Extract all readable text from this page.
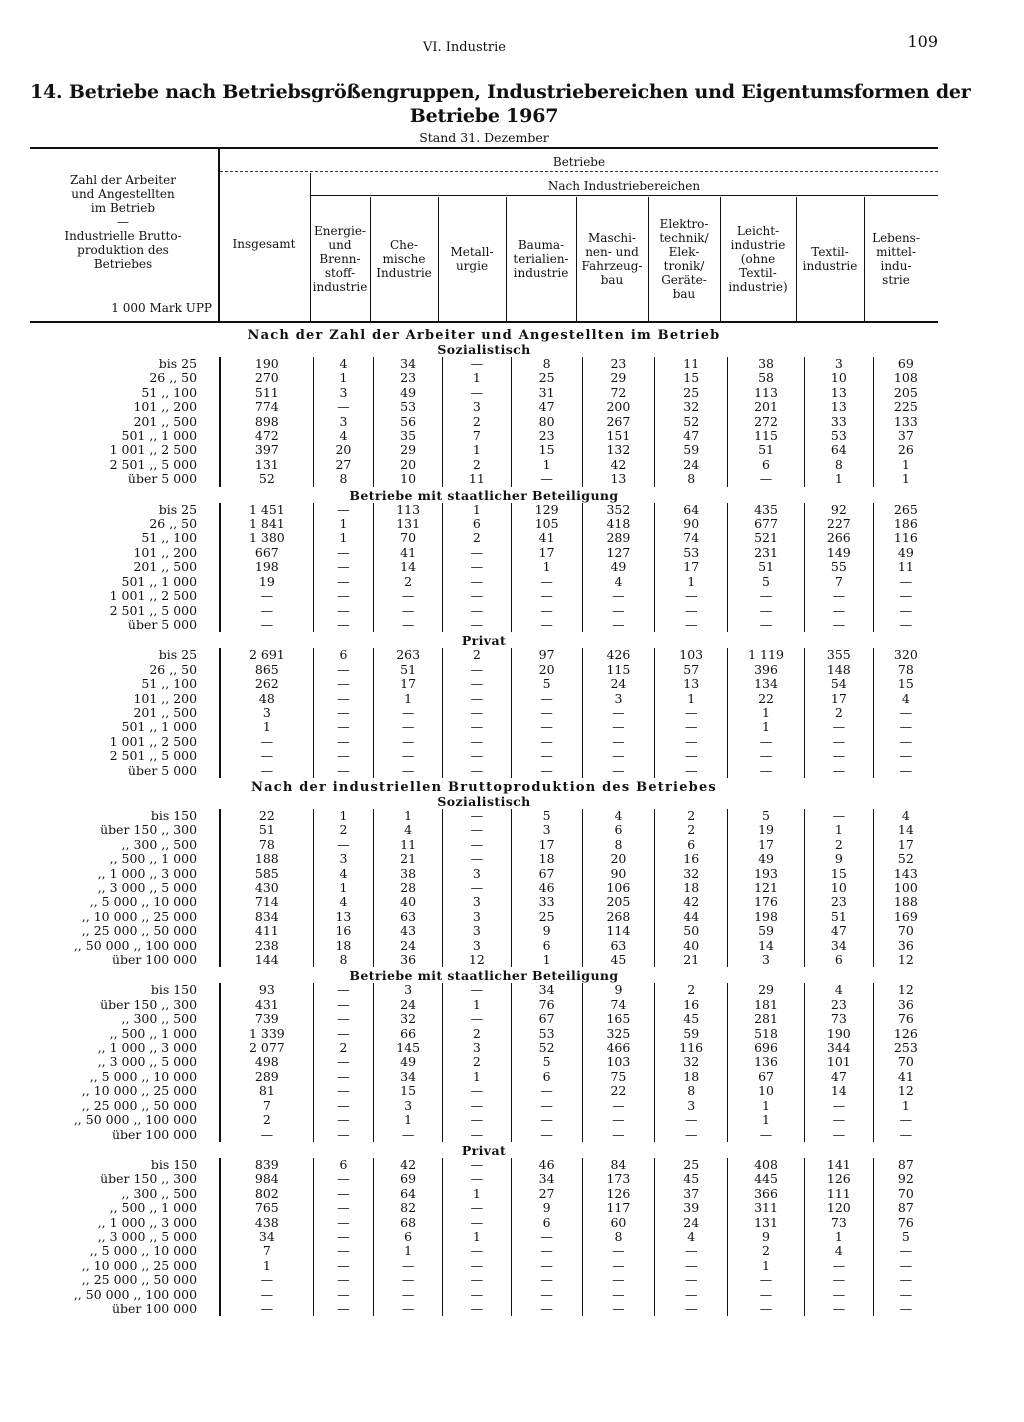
VI. Industrie	109
14. Betriebe nach Betriebsgrößengruppen, Industriebereichen und Eigentumsformen der
Betriebe 1967
Stand 31. Dezember
Zahl der Arbeiter
und Angestellten
im Betrieb
—
Industrielle Brutto-
produktion des
Betriebes
1 000 Mark UPP
Betriebe
Nach Industriebereichen
Insgesamt
Energie-
und
Brenn-
stoff-
industrie
Che-
mische
Industrie
Metall-
urgie
Bauma-
terialien-
industrie
Maschi-
nen- und
Fahrzeug-
bau
Elektro-
technik/
Elek-
tronik/
Geräte-
bau
Leicht-
industrie
(ohne
Textil-
industrie)
Textil-
industrie
Lebens-
mittel-
indu-
strie
Nach der Zahl der Arbeiter und Angestellten im Betrieb
Sozialistisch
bis 25	190	4	34	—	8	23	11	38	3	69
26 ,, 50	270	1	23	1	25	29	15	58	10	108
51 ,, 100	511	3	49	—	31	72	25	113	13	205
101 ,, 200	774	—	53	3	47	200	32	201	13	225
201 ,, 500	898	3	56	2	80	267	52	272	33	133
501 ,, 1 000	472	4	35	7	23	151	47	115	53	37
1 001 ,, 2 500	397	20	29	1	15	132	59	51	64	26
2 501 ,, 5 000	131	27	20	2	1	42	24	6	8	1
über 5 000	52	8	10	11	—	13	8	—	1	1
Betriebe mit staatlicher Beteiligung
bis 25	1 451	—	113	1	129	352	64	435	92	265
26 ,, 50	1 841	1	131	6	105	418	90	677	227	186
51 ,, 100	1 380	1	70	2	41	289	74	521	266	116
101 ,, 200	667	—	41	—	17	127	53	231	149	49
201 ,, 500	198	—	14	—	1	49	17	51	55	11
501 ,, 1 000	19	—	2	—	—	4	1	5	7	—
1 001 ,, 2 500	—	—	—	—	—	—	—	—	—	—
2 501 ,, 5 000	—	—	—	—	—	—	—	—	—	—
über 5 000	—	—	—	—	—	—	—	—	—	—
Privat
bis 25	2 691	6	263	2	97	426	103	1 119	355	320
26 ,, 50	865	—	51	—	20	115	57	396	148	78
51 ,, 100	262	—	17	—	5	24	13	134	54	15
101 ,, 200	48	—	1	—	—	3	1	22	17	4
201 ,, 500	3	—	—	—	—	—	—	1	2	—
501 ,, 1 000	1	—	—	—	—	—	—	1	—	—
1 001 ,, 2 500	—	—	—	—	—	—	—	—	—	—
2 501 ,, 5 000	—	—	—	—	—	—	—	—	—	—
über 5 000	—	—	—	—	—	—	—	—	—	—
Nach der industriellen Bruttoproduktion des Betriebes
Sozialistisch
bis 150	22	1	1	—	5	4	2	5	—	4
über 150 ,, 300	51	2	4	—	3	6	2	19	1	14
,, 300 ,, 500	78	—	11	—	17	8	6	17	2	17
,, 500 ,, 1 000	188	3	21	—	18	20	16	49	9	52
,, 1 000 ,, 3 000	585	4	38	3	67	90	32	193	15	143
,, 3 000 ,, 5 000	430	1	28	—	46	106	18	121	10	100
,, 5 000 ,, 10 000	714	4	40	3	33	205	42	176	23	188
,, 10 000 ,, 25 000	834	13	63	3	25	268	44	198	51	169
,, 25 000 ,, 50 000	411	16	43	3	9	114	50	59	47	70
,, 50 000 ,, 100 000	238	18	24	3	6	63	40	14	34	36
über 100 000	144	8	36	12	1	45	21	3	6	12
Betriebe mit staatlicher Beteiligung
bis 150	93	—	3	—	34	9	2	29	4	12
über 150 ,, 300	431	—	24	1	76	74	16	181	23	36
,, 300 ,, 500	739	—	32	—	67	165	45	281	73	76
,, 500 ,, 1 000	1 339	—	66	2	53	325	59	518	190	126
,, 1 000 ,, 3 000	2 077	2	145	3	52	466	116	696	344	253
,, 3 000 ,, 5 000	498	—	49	2	5	103	32	136	101	70
,, 5 000 ,, 10 000	289	—	34	1	6	75	18	67	47	41
,, 10 000 ,, 25 000	81	—	15	—	—	22	8	10	14	12
,, 25 000 ,, 50 000	7	—	3	—	—	—	3	1	—	1
,, 50 000 ,, 100 000	2	—	1	—	—	—	—	1	—	—
über 100 000	—	—	—	—	—	—	—	—	—	—
Privat
bis 150	839	6	42	—	46	84	25	408	141	87
über 150 ,, 300	984	—	69	—	34	173	45	445	126	92
,, 300 ,, 500	802	—	64	1	27	126	37	366	111	70
,, 500 ,, 1 000	765	—	82	—	9	117	39	311	120	87
,, 1 000 ,, 3 000	438	—	68	—	6	60	24	131	73	76
,, 3 000 ,, 5 000	34	—	6	1	—	8	4	9	1	5
,, 5 000 ,, 10 000	7	—	1	—	—	—	—	2	4	—
,, 10 000 ,, 25 000	1	—	—	—	—	—	—	1	—	—
,, 25 000 ,, 50 000	—	—	—	—	—	—	—	—	—	—
,, 50 000 ,, 100 000	—	—	—	—	—	—	—	—	—	—
über 100 000	—	—	—	—	—	—	—	—	—	—
